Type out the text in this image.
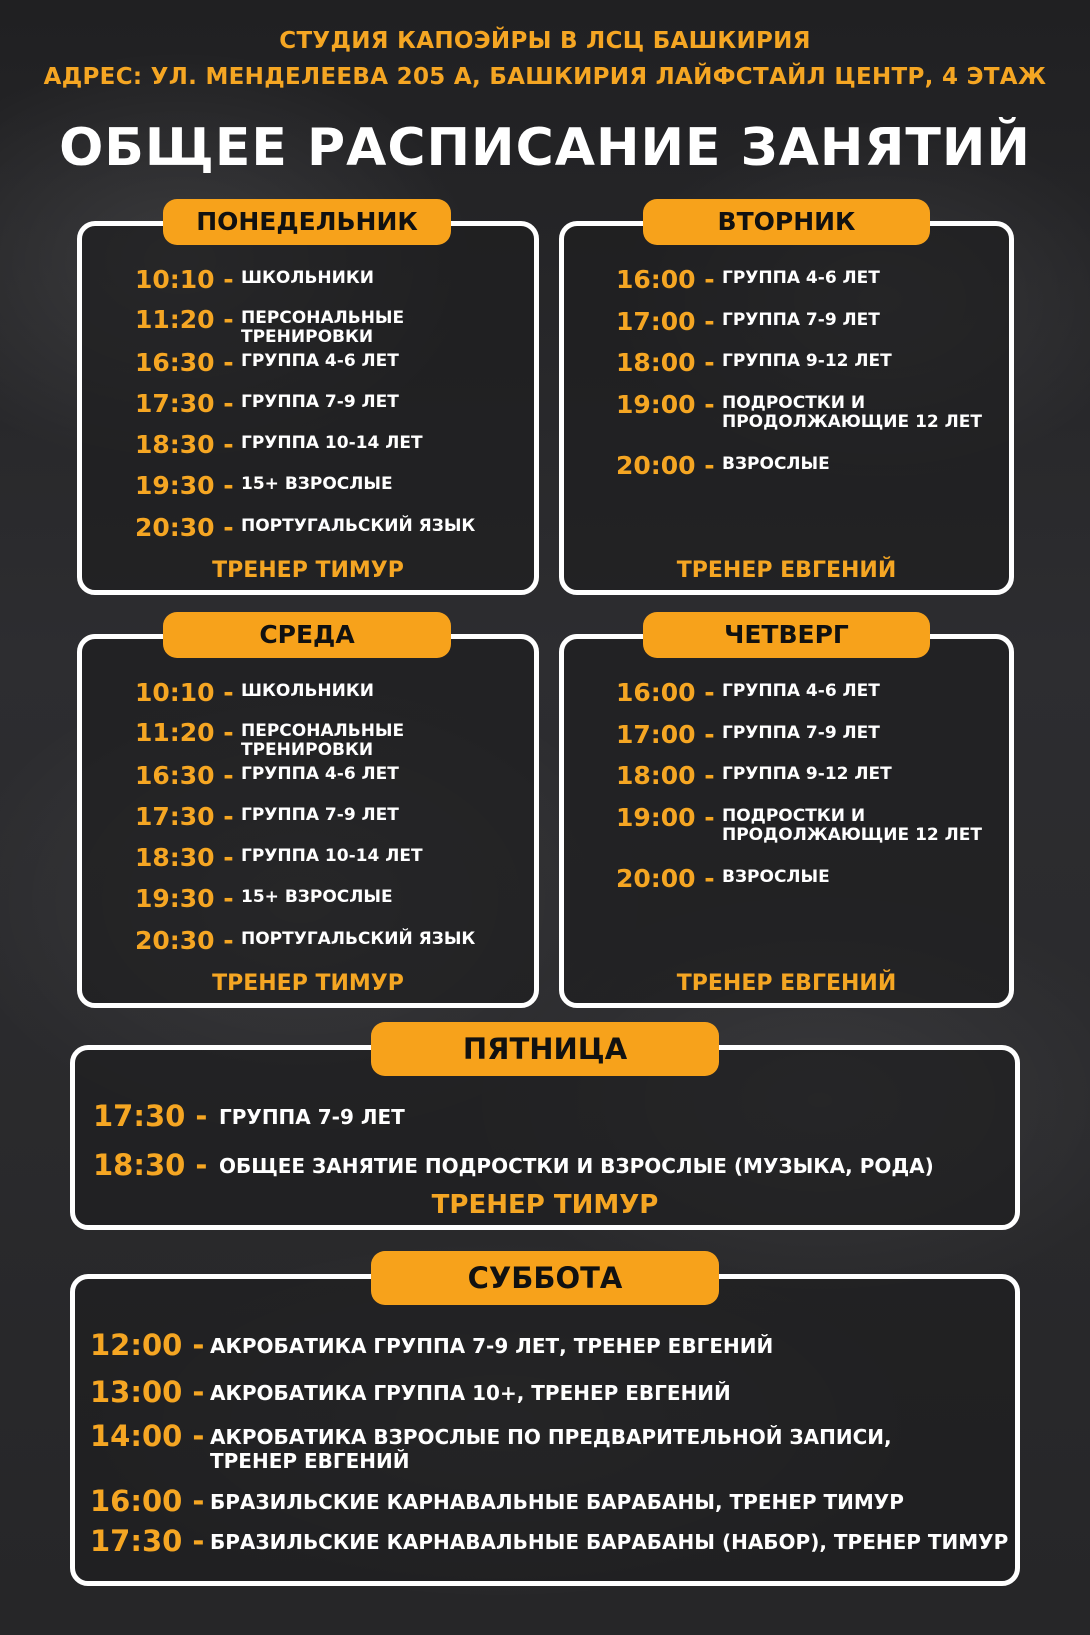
СТУДИЯ КАПОЭЙРЫ В ЛСЦ БАШКИРИЯ
АДРЕС: УЛ. МЕНДЕЛЕЕВА 205 А, БАШКИРИЯ ЛАЙФСТАЙЛ ЦЕНТР, 4 ЭТАЖ
ОБЩЕЕ РАСПИСАНИЕ ЗАНЯТИЙ
ПОНЕДЕЛЬНИК
10:10 - ШКОЛЬНИКИ
11:20 - ПЕРСОНАЛЬНЫЕ ТРЕНИРОВКИ
16:30 - ГРУППА 4-6 ЛЕТ
17:30 - ГРУППА 7-9 ЛЕТ
18:30 - ГРУППА 10-14 ЛЕТ
19:30 - 15+ ВЗРОСЛЫЕ
20:30 - ПОРТУГАЛЬСКИЙ ЯЗЫК
ТРЕНЕР ТИМУР
ВТОРНИК
16:00 - ГРУППА 4-6 ЛЕТ
17:00 - ГРУППА 7-9 ЛЕТ
18:00 - ГРУППА 9-12 ЛЕТ
19:00 - ПОДРОСТКИ И ПРОДОЛЖАЮЩИЕ 12 ЛЕТ
20:00 - ВЗРОСЛЫЕ
ТРЕНЕР ЕВГЕНИЙ
СРЕДА
10:10 - ШКОЛЬНИКИ
11:20 - ПЕРСОНАЛЬНЫЕ ТРЕНИРОВКИ
16:30 - ГРУППА 4-6 ЛЕТ
17:30 - ГРУППА 7-9 ЛЕТ
18:30 - ГРУППА 10-14 ЛЕТ
19:30 - 15+ ВЗРОСЛЫЕ
20:30 - ПОРТУГАЛЬСКИЙ ЯЗЫК
ТРЕНЕР ТИМУР
ЧЕТВЕРГ
16:00 - ГРУППА 4-6 ЛЕТ
17:00 - ГРУППА 7-9 ЛЕТ
18:00 - ГРУППА 9-12 ЛЕТ
19:00 - ПОДРОСТКИ И ПРОДОЛЖАЮЩИЕ 12 ЛЕТ
20:00 - ВЗРОСЛЫЕ
ТРЕНЕР ЕВГЕНИЙ
ПЯТНИЦА
17:30 - ГРУППА 7-9 ЛЕТ
18:30 - ОБЩЕЕ ЗАНЯТИЕ ПОДРОСТКИ И ВЗРОСЛЫЕ (МУЗЫКА, РОДА)
ТРЕНЕР ТИМУР
СУББОТА
12:00 - АКРОБАТИКА ГРУППА 7-9 ЛЕТ, ТРЕНЕР ЕВГЕНИЙ
13:00 - АКРОБАТИКА ГРУППА 10+, ТРЕНЕР ЕВГЕНИЙ
14:00 - АКРОБАТИКА ВЗРОСЛЫЕ ПО ПРЕДВАРИТЕЛЬНОЙ ЗАПИСИ, ТРЕНЕР ЕВГЕНИЙ
16:00 - БРАЗИЛЬСКИЕ КАРНАВАЛЬНЫЕ БАРАБАНЫ, ТРЕНЕР ТИМУР
17:30 - БРАЗИЛЬСКИЕ КАРНАВАЛЬНЫЕ БАРАБАНЫ (НАБОР), ТРЕНЕР ТИМУР
